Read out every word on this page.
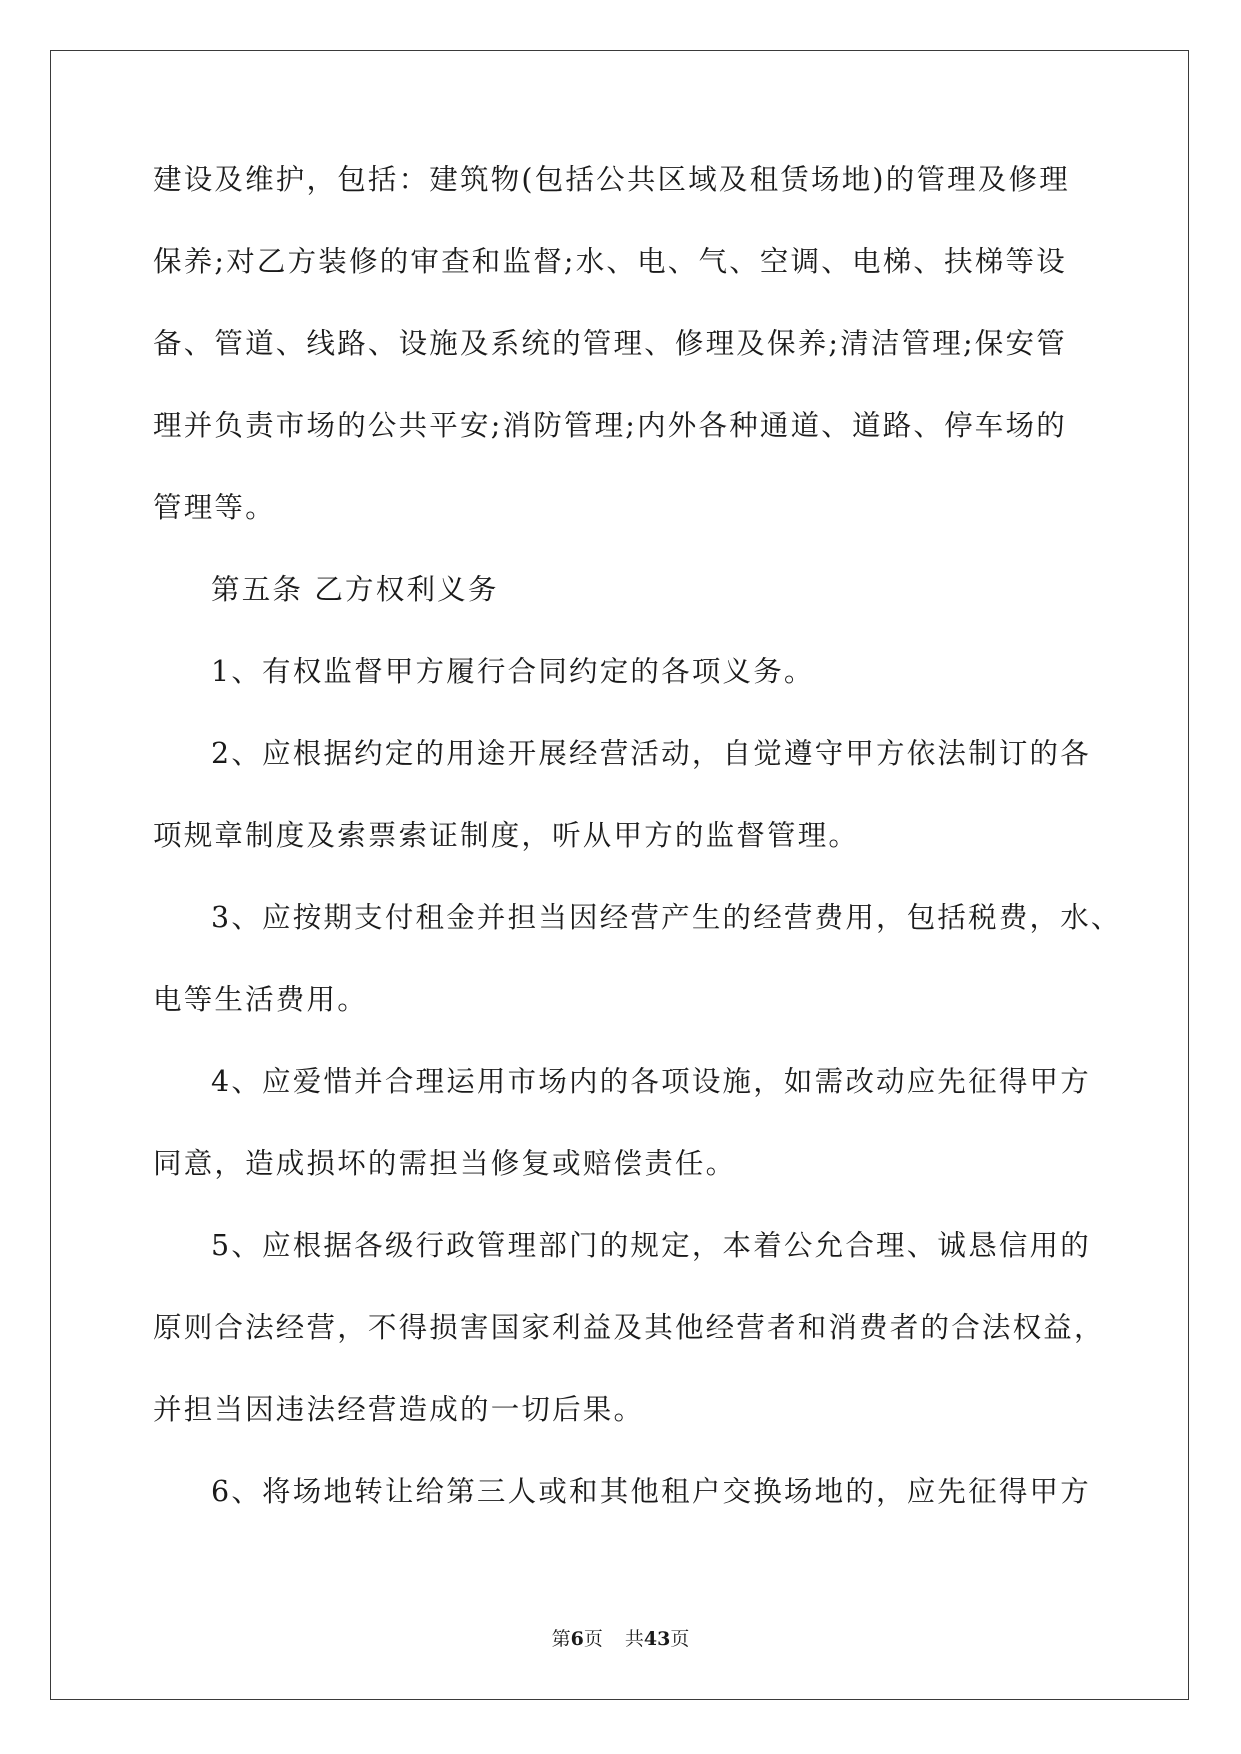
建设及维护，包括：建筑物(包括公共区域及租赁场地)的管理及修理
保养;对乙方装修的审查和监督;水、电、气、空调、电梯、扶梯等设
备、管道、线路、设施及系统的管理、修理及保养;清洁管理;保安管
理并负责市场的公共平安;消防管理;内外各种通道、道路、停车场的
管理等。
第五条 乙方权利义务
1、有权监督甲方履行合同约定的各项义务。
2、应根据约定的用途开展经营活动，自觉遵守甲方依法制订的各
项规章制度及索票索证制度，听从甲方的监督管理。
3、应按期支付租金并担当因经营产生的经营费用，包括税费，水、
电等生活费用。
4、应爱惜并合理运用市场内的各项设施，如需改动应先征得甲方
同意，造成损坏的需担当修复或赔偿责任。
5、应根据各级行政管理部门的规定，本着公允合理、诚恳信用的
原则合法经营，不得损害国家利益及其他经营者和消费者的合法权益，
并担当因违法经营造成的一切后果。
6、将场地转让给第三人或和其他租户交换场地的，应先征得甲方
第6页 共43页
